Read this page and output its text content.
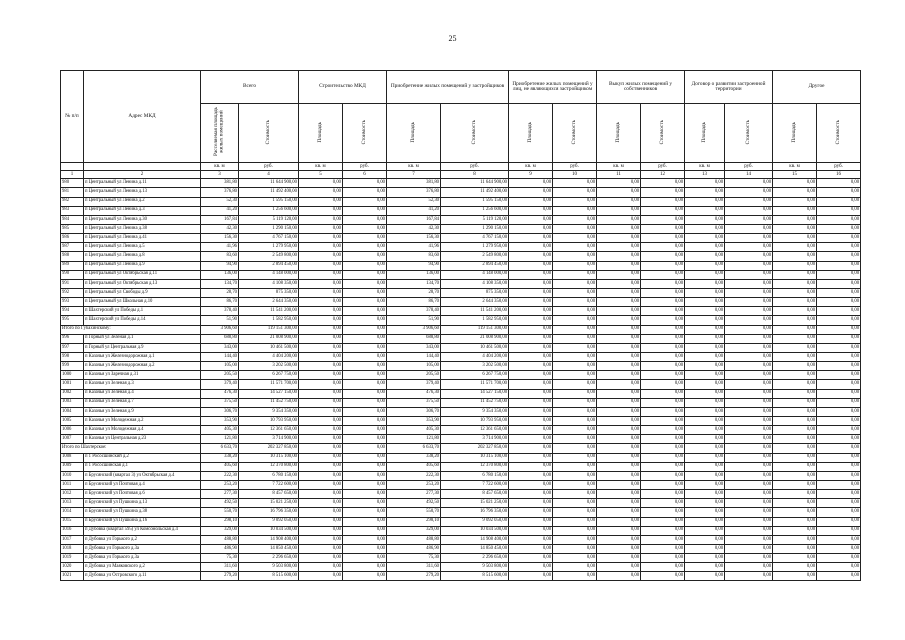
25
№ п/п	Адрес МКД	Всего		Строительство МКД		Приобретение жилых помещений у застройщиков		Приобретение жилых помещений у лиц, не являющихся застройщиком		Выкуп жилых помещений у собственников		Договор о развитии застроенной территории		Другое	
		Расселяемая площадь жилых помещений	Стоимость	Площадь	Стоимость	Площадь	Стоимость	Площадь	Стоимость	Площадь	Стоимость	Площадь	Стоимость	Площадь	Стоимость
		кв. м	руб.	кв. м	руб.	кв. м	руб.	кв. м	руб.	кв. м	руб.	кв. м	руб.	кв. м	руб.
1	2	3	4	5	6	7	8	9	10	11	12	13	14	15	16
980	п Центральный ул Ленина д.11	381,80	11 644 900,00	0,00	0,00	381,80	11 644 900,00	0,00	0,00	0,00	0,00	0,00	0,00	0,00	0,00
981	п Центральный ул Ленина д.13	376,80	11 492 400,00	0,00	0,00	376,80	11 492 400,00	0,00	0,00	0,00	0,00	0,00	0,00	0,00	0,00
982	п Центральный ул Ленина д.2	52,30	1 595 150,00	0,00	0,00	52,30	1 595 150,00	0,00	0,00	0,00	0,00	0,00	0,00	0,00	0,00
983	п Центральный ул Ленина д.3	41,20	1 256 600,00	0,00	0,00	41,20	1 256 600,00	0,00	0,00	0,00	0,00	0,00	0,00	0,00	0,00
984	п Центральный ул Ленина д.30	167,84	5 119 120,00	0,00	0,00	167,84	5 119 120,00	0,00	0,00	0,00	0,00	0,00	0,00	0,00	0,00
985	п Центральный ул Ленина д.38	42,30	1 290 150,00	0,00	0,00	42,30	1 290 150,00	0,00	0,00	0,00	0,00	0,00	0,00	0,00	0,00
986	п Центральный ул Ленина д.41	156,30	4 767 150,00	0,00	0,00	156,30	4 767 150,00	0,00	0,00	0,00	0,00	0,00	0,00	0,00	0,00
987	п Центральный ул Ленина д.5	41,96	1 279 950,00	0,00	0,00	41,96	1 279 950,00	0,00	0,00	0,00	0,00	0,00	0,00	0,00	0,00
988	п Центральный ул Ленина д.8	83,60	2 549 800,00	0,00	0,00	83,60	2 549 800,00	0,00	0,00	0,00	0,00	0,00	0,00	0,00	0,00
989	п Центральный ул Ленина д.9	94,90	2 894 450,00	0,00	0,00	94,90	2 894 450,00	0,00	0,00	0,00	0,00	0,00	0,00	0,00	0,00
990	п Центральный ул Октябрьская д.11	136,00	4 148 000,00	0,00	0,00	136,00	4 148 000,00	0,00	0,00	0,00	0,00	0,00	0,00	0,00	0,00
991	п Центральный ул Октябрьская д.13	134,70	4 108 350,00	0,00	0,00	134,70	4 108 350,00	0,00	0,00	0,00	0,00	0,00	0,00	0,00	0,00
992	п Центральный ул Свободы д.9	28,70	875 350,00	0,00	0,00	28,70	875 350,00	0,00	0,00	0,00	0,00	0,00	0,00	0,00	0,00
993	п Центральный ул Школьная д.10	86,70	2 644 350,00	0,00	0,00	86,70	2 644 350,00	0,00	0,00	0,00	0,00	0,00	0,00	0,00	0,00
994	п Шахтерский ул Победы д.1	378,40	11 541 200,00	0,00	0,00	378,40	11 541 200,00	0,00	0,00	0,00	0,00	0,00	0,00	0,00	0,00
995	п Шахтерский ул Победы д.14	51,90	1 582 950,00	0,00	0,00	51,90	1 582 950,00	0,00	0,00	0,00	0,00	0,00	0,00	0,00	0,00
Итого по Губахинскому:		3 906,60	119 151 300,00	0,00	0,00	3 906,60	119 151 300,00	0,00	0,00	0,00	0,00	0,00	0,00	0,00	0,00
996	п Горный ул Зеленая д.1	688,80	21 008 900,00	0,00	0,00	688,80	21 008 900,00	0,00	0,00	0,00	0,00	0,00	0,00	0,00	0,00
997	п Горный ул Центральная д.9	343,00	10 461 500,00	0,00	0,00	343,00	10 461 500,00	0,00	0,00	0,00	0,00	0,00	0,00	0,00	0,00
998	п Казачья ул Железнодорожная д.1	144,40	4 404 200,00	0,00	0,00	144,40	4 404 200,00	0,00	0,00	0,00	0,00	0,00	0,00	0,00	0,00
999	п Казачья ул Железнодорожная д.2	105,00	3 202 500,00	0,00	0,00	105,00	3 202 500,00	0,00	0,00	0,00	0,00	0,00	0,00	0,00	0,00
1000	п Казачья ул Заречная д.31	205,50	6 267 750,00	0,00	0,00	205,50	6 267 750,00	0,00	0,00	0,00	0,00	0,00	0,00	0,00	0,00
1001	п Казачья ул Зеленая д.3	379,40	11 571 700,00	0,00	0,00	379,40	11 571 700,00	0,00	0,00	0,00	0,00	0,00	0,00	0,00	0,00
1002	п Казачья ул Зеленая д.4	476,30	14 527 150,00	0,00	0,00	476,30	14 527 150,00	0,00	0,00	0,00	0,00	0,00	0,00	0,00	0,00
1003	п Казачья ул Зеленая д.7	375,50	11 452 750,00	0,00	0,00	375,50	11 452 750,00	0,00	0,00	0,00	0,00	0,00	0,00	0,00	0,00
1004	п Казачья ул Зеленая д.9	306,70	9 354 350,00	0,00	0,00	306,70	9 354 350,00	0,00	0,00	0,00	0,00	0,00	0,00	0,00	0,00
1005	п Казачья ул Молодежная д.2	353,90	10 793 950,00	0,00	0,00	353,90	10 793 950,00	0,00	0,00	0,00	0,00	0,00	0,00	0,00	0,00
1006	п Казачья ул Молодежная д.4	405,30	12 361 650,00	0,00	0,00	405,30	12 361 650,00	0,00	0,00	0,00	0,00	0,00	0,00	0,00	0,00
1007	п Казачья ул Центральная д.23	121,80	3 714 900,00	0,00	0,00	121,80	3 714 900,00	0,00	0,00	0,00	0,00	0,00	0,00	0,00	0,00
Итого по Шахтерское:		6 633,70	202 327 850,00	0,00	0,00	6 633,70	202 327 850,00	0,00	0,00	0,00	0,00	0,00	0,00	0,00	0,00
1008	п 1 Рососшинский д.2	338,20	10 315 100,00	0,00	0,00	338,20	10 315 100,00	0,00	0,00	0,00	0,00	0,00	0,00	0,00	0,00
1009	п 1 Рососшинская д.1	405,60	12 370 800,00	0,00	0,00	405,60	12 370 800,00	0,00	0,00	0,00	0,00	0,00	0,00	0,00	0,00
1010	п Брусянский (квартал 3) ул Октябрьская д.4	222,30	6 780 150,00	0,00	0,00	222,30	6 780 150,00	0,00	0,00	0,00	0,00	0,00	0,00	0,00	0,00
1011	п Брусянский ул Почтовая д.4	253,20	7 722 600,00	0,00	0,00	253,20	7 722 600,00	0,00	0,00	0,00	0,00	0,00	0,00	0,00	0,00
1012	п Брусянский ул Почтовая д.6	277,30	8 457 650,00	0,00	0,00	277,30	8 457 650,00	0,00	0,00	0,00	0,00	0,00	0,00	0,00	0,00
1013	п Брусянский ул Пушкина д.13	492,50	15 021 250,00	0,00	0,00	492,50	15 021 250,00	0,00	0,00	0,00	0,00	0,00	0,00	0,00	0,00
1014	п Брусянский ул Пушкина д.38	550,70	16 796 350,00	0,00	0,00	550,70	16 796 350,00	0,00	0,00	0,00	0,00	0,00	0,00	0,00	0,00
1015	п Брусянский ул Пушкина д.16	298,10	9 092 050,00	0,00	0,00	298,10	9 092 050,00	0,00	0,00	0,00	0,00	0,00	0,00	0,00	0,00
1016	п Дубовка (квартал 595) ул Комсомольская д.4	329,00	10 034 500,00	0,00	0,00	329,00	10 034 500,00	0,00	0,00	0,00	0,00	0,00	0,00	0,00	0,00
1017	п Дубовка ул Горького д.2	488,80	14 908 400,00	0,00	0,00	488,80	14 908 400,00	0,00	0,00	0,00	0,00	0,00	0,00	0,00	0,00
1018	п Дубовка ул Горького д.3а	486,90	14 850 450,00	0,00	0,00	486,90	14 850 450,00	0,00	0,00	0,00	0,00	0,00	0,00	0,00	0,00
1019	п Дубовка ул Горького д.3а	75,30	2 296 650,00	0,00	0,00	75,30	2 296 650,00	0,00	0,00	0,00	0,00	0,00	0,00	0,00	0,00
1020	п Дубовка ул Маяковского д.2	311,60	9 503 800,00	0,00	0,00	311,60	9 503 800,00	0,00	0,00	0,00	0,00	0,00	0,00	0,00	0,00
1021	п Дубовка ул Островского д.11	279,20	8 515 600,00	0,00	0,00	279,20	8 515 600,00	0,00	0,00	0,00	0,00	0,00	0,00	0,00	0,00
